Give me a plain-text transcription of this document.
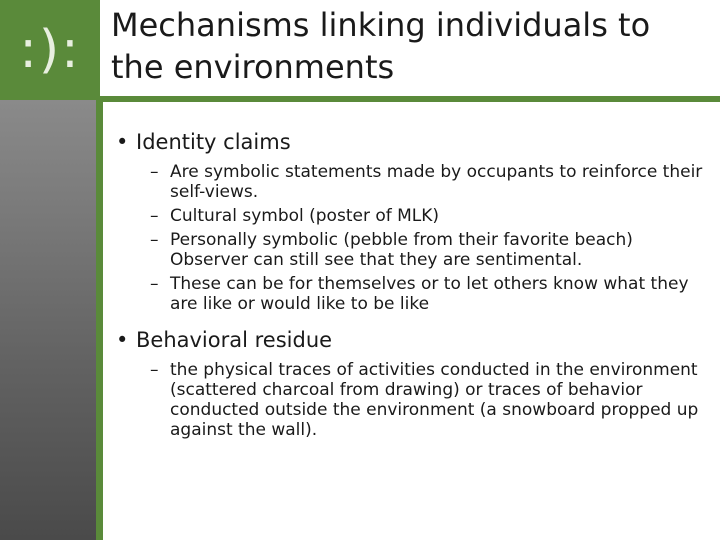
:): Mechanisms linking individuals to the environments
• Identity claims
– Are symbolic statements made by occupants to reinforce their self-views.
– Cultural symbol (poster of MLK)
– Personally symbolic (pebble from their favorite beach) Observer can still see that they are sentimental.
– These can be for themselves or to let others know what they are like or would like to be like
• Behavioral residue
– the physical traces of activities conducted in the environment (scattered charcoal from drawing) or traces of behavior conducted outside the environment (a snowboard propped up against the wall).
